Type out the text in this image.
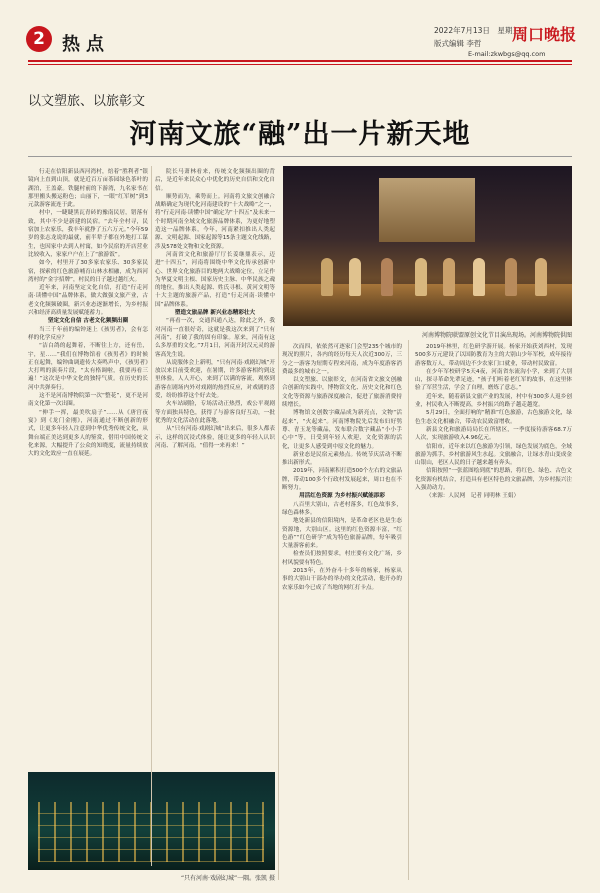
2 热点
2022年7月13日　星期三
版式编辑 李哲	周口晚报
E-mail:zkwbgs@qq.com
以文塑旅、以旅彰文
河南文旅“融”出一片新天地

行走在信阳新县西河湾村，焙着“胜利者”银镜向上直到山顶，就是近百万亩茶园绿色茶叶的湖泊，王盖豪。铁腿村前的下游湾，九名家书在那里搬头搬运粉色；山丽下，一眼“红军树”到3元款游客流连于此。

村中，一睫睫黑瓦青砖的豫南民居，错落有致，其中不少是新建的民宿。“去年全村寻，民宿加上农家乐，我丰年就挣了五六万元。”今年59岁的张志龙说的最就，前半辈子都在外地打工谋生，也因家中去到人村寓，如今民宿的开店营业比较收入，家家户户在上了“旅游饭”。

如今，村里开了30多家农家乐、30多家民宿，探索的红色旅游哺育山林水相融，成为西河湾村的“金字招牌”，村民的日子越过越红火。

近年来，河南坚定文化自信，打造“行走河南·读懂中国”品牌体系，做大做强文旅产业，古老文化频频破圈，新兴业态逐渐增长，为乡村振兴和经济高质量发展赋能蓄力。

坚定文化自信 古老文化频频出圈

当三千年前的编钟迷上《孩男者》，会有怎样的化学反应？

“洁白鸽的起舞着，不断往上方，还有岳，宇，星……”我们在博物馆看《孩男者》的时候正在起舞，编钟曲调遗传大奏鸣声中，《孩男者》大打鸣的演奏片段，“太有格调啦，我要再看三遍！”这次是中华文化的独特气质。在历史的长河中共弹奏行。

这不是河南博物院第一次“整花”，更不是河南文化第一次出圈。

“伸手一挥，最美吹扇子”……从《唐宫夜宴》到《龙门金刚》，河南通过不断创新的形式，让更多年轻人注意到中华优秀传统文化，从舞台端正美达到更多人的鉴赏，借用中国传统文化来源，大幅提升了公众的知晓度，流量持续放大的文化效应一直在展延。

院长马萧林看来，传统文化频频出圈的背后，是近年来民众心中优化的历史自信和文化自信。

顺势而为，乘势而上。河南将文旅文创融合战略确定为现代化河南建设的“十大战略”之一，将“行走河南·读懂中国”确定为“十四五”及未来一个时期河南全域文化旅游品牌体系，为更好地塑造这一品牌体系，今年，河南紧扣推出人类起源、文明起源、国家起源等15条主题文化线路，涉及578处文物和文化资源。

河南省文化和旅游厅厅长姜继鼎表示，迈进“十四五”，河南将围绕中华文化传承创新中心、世界文化旅游目的地两大战略定位，立足作为华夏文明主根、国家历史主脉、中华民族之魂的地位，推出人类起源、姓氏寻根、黄河文明等十大主题的旅游产品，打造“行走河南·读懂中国”品牌体系。

塑造文旅品牌 新兴业态精彩壮大

“再看一次，交通四通八达，除此之外，我对河南一直很好奇，这就是我这次来到了“只有河南”，打破了我的固有印象。原来，河南有这么多厚重的文化。”7月1日，河南开封汉元灵的游客高先生说。

从说服体会上新明，“只有河南·戏剧幻城”开放以来目前受欢迎，在暑期，许多游客相约到这里体验，人人开心，来到了以满的客流，观察到游客在剧场内外对戏剧的热烈反应，对戏剧的喜爱，纷纷推荐这个好去处。

火车站刷脸，专场活动正热烈，戏公平观剧等方面独具特色，获得了与游客良好互动，一批优秀的文化活动在此落地。

从“只有河南·戏剧幻城”出来后，很多人都表示，这样的沉浸式体验，能让更多的年轻人认识河南、了解河南，“值得一来再来！”

河南博物院联盟原创文化节目演出现场。河南博物院供图

次而四，依依然可逐家门会型235个城市的现况的照片，各内的经历每天人次近300万，三分之一游客为短期专程来河南，成为年度游客消费最多的城市之一。

以文塑旅、以旅彰文，在河南省文旅文创融合创新的实践中，博物馆文化、历史文化和红色文化等资源与旅游深度融合，促进了旅游消费持续增长。

博物馆文创数字藏品成为新亮点，文物“活起来”，“火起来”。河南博物院先后发布妇好鸮尊、青玉龙等藏品，发布联合数字藏品“小小手心中”等，日受到年轻人欢迎，文化资源的活化，让更多人感受到中原文化的魅力。

新业态是民宿元素热点。传统节庆活动不断推出新形式。

2019年，河南累积打造500个左右的文旅品牌，带动100多个行政村发展起来，周口也在不断努力。

用活红色资源 为乡村振兴赋能添彩

八百里大别山，古老村落多，红色故事多，绿色森林多。

地处新县的信阳境内，是革命老区也是生态资源地，大别山区。这里的红色资源丰富，“红色游”“红色研学”成为特色旅游品牌，每年吸引大量游客前来。

检查员们按照要求，村庄要有文化广场，乡村风貌要有特色。

2013年，在外奋斗十多年的杨家，杨家从事的大别山干部办的举办的文化活动，他开办的农家乐如今已成了当地的网红打卡点。

2019年林里，红色研学游开展。杨家开始获刘西村，发现500多万元建设了以国防教育为主的大别山少年军校，成年接待游客数万人，带动周边不少农家门口就业，带动村民致富。

在少年军校研学5天4夜，河南省东流沟小学，来到了大别山，探寻革命先辈足迹，“孩子们听着老红军的故事，在这里体验了军营生活，学会了自理，磨炼了意志。”

近年来，随着新县文旅产业的发展，村中有300多人返乡创业，村民收入不断提高，乡村振兴的路子越走越宽。

5月29日，全面打响的“精准”红色旅游，古色旅游文化，绿色生态文化相融合，带动农民致富增收。

新县文化和旅游局局长在所辖区，一季度接待游客68.7万人次，实现旅游收入4.96亿元。

信阳市，近年来以红色旅游为引领，绿色发展为底色，全域旅游为抓手，乡村旅游风生水起。文旅融合，让绿水青山变成金山银山，老区人民的日子越来越有奔头。

信阳按照“一张蓝图绘到底”的思路，将红色、绿色、古色文化资源有机结合，打造具有老区特色的文旅品牌，为乡村振兴注入强劲动力。

（来源：人民网　记者 同明林 王娟）

“只有河南·戏剧幻城”一隅。张凯 摄
